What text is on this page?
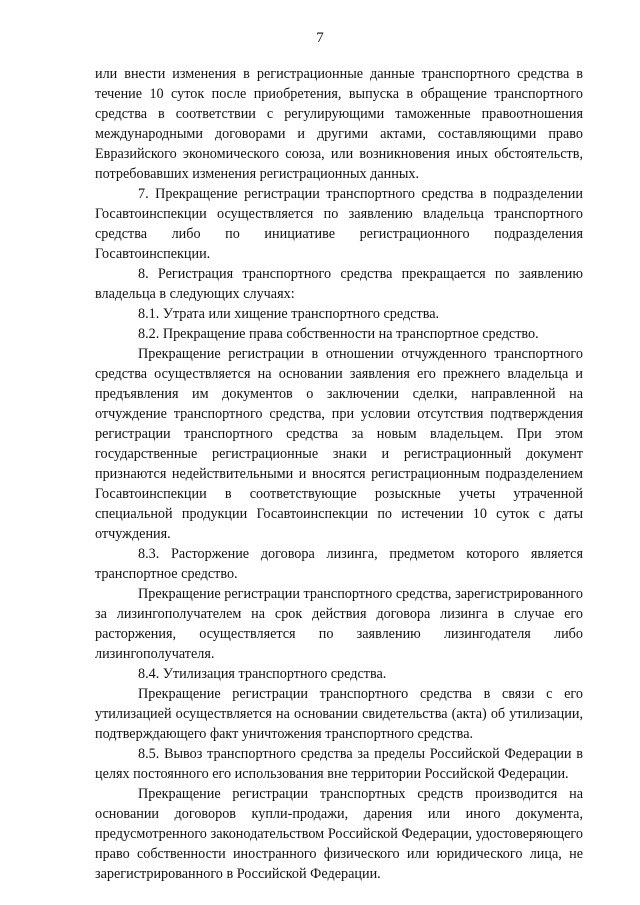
7

или внести изменения в регистрационные данные транспортного средства в течение 10 суток после приобретения, выпуска в обращение транспортного средства в соответствии с регулирующими таможенные правоотношения международными договорами и другими актами, составляющими право Евразийского экономического союза, или возникновения иных обстоятельств, потребовавших изменения регистрационных данных.

7. Прекращение регистрации транспортного средства в подразделении Госавтоинспекции осуществляется по заявлению владельца транспортного средства либо по инициативе регистрационного подразделения Госавтоинспекции.

8. Регистрация транспортного средства прекращается по заявлению владельца в следующих случаях:

8.1. Утрата или хищение транспортного средства.

8.2. Прекращение права собственности на транспортное средство.

Прекращение регистрации в отношении отчужденного транспортного средства осуществляется на основании заявления его прежнего владельца и предъявления им документов о заключении сделки, направленной на отчуждение транспортного средства, при условии отсутствия подтверждения регистрации транспортного средства за новым владельцем. При этом государственные регистрационные знаки и регистрационный документ признаются недействительными и вносятся регистрационным подразделением Госавтоинспекции в соответствующие розыскные учеты утраченной специальной продукции Госавтоинспекции по истечении 10 суток с даты отчуждения.

8.3. Расторжение договора лизинга, предметом которого является транспортное средство.

Прекращение регистрации транспортного средства, зарегистрированного за лизингополучателем на срок действия договора лизинга в случае его расторжения, осуществляется по заявлению лизингодателя либо лизингополучателя.

8.4. Утилизация транспортного средства.

Прекращение регистрации транспортного средства в связи с его утилизацией осуществляется на основании свидетельства (акта) об утилизации, подтверждающего факт уничтожения транспортного средства.

8.5. Вывоз транспортного средства за пределы Российской Федерации в целях постоянного его использования вне территории Российской Федерации.

Прекращение регистрации транспортных средств производится на основании договоров купли-продажи, дарения или иного документа, предусмотренного законодательством Российской Федерации, удостоверяющего право собственности иностранного физического или юридического лица, не зарегистрированного в Российской Федерации.
